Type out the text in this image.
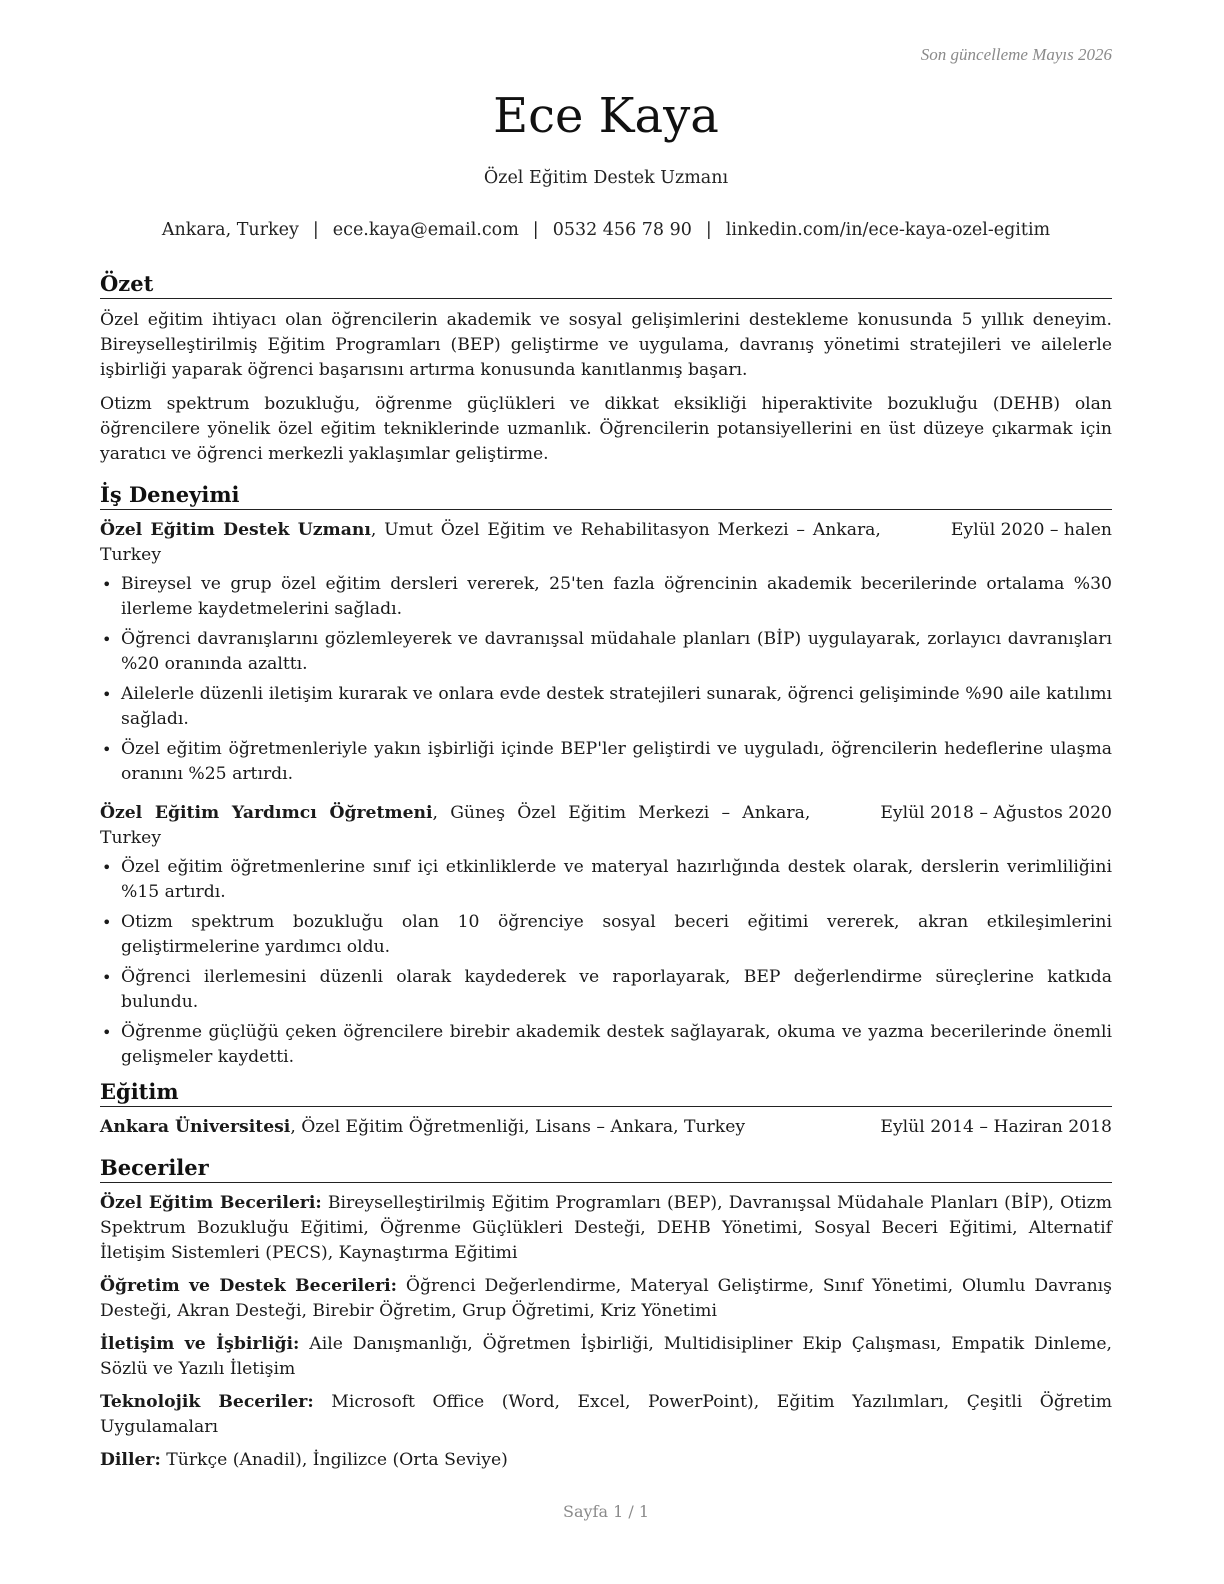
Son güncelleme Mayıs 2026
Ece Kaya
Özel Eğitim Destek Uzmanı
Ankara, Turkey | ece.kaya@email.com | 0532 456 78 90 | linkedin.com/in/ece-kaya-ozel-egitim
Özet

Özel eğitim ihtiyacı olan öğrencilerin akademik ve sosyal gelişimlerini destekleme konusunda 5 yıllık deneyim. Bireyselleştirilmiş Eğitim Programları (BEP) geliştirme ve uygulama, davranış yönetimi stratejileri ve ailelerle işbirliği yaparak öğrenci başarısını artırma konusunda kanıtlanmış başarı.

Otizm spektrum bozukluğu, öğrenme güçlükleri ve dikkat eksikliği hiperaktivite bozukluğu (DEHB) olan öğrencilere yönelik özel eğitim tekniklerinde uzmanlık. Öğrencilerin potansiyellerini en üst düzeye çıkarmak için yaratıcı ve öğrenci merkezli yaklaşımlar geliştirme.

İş Deneyimi
Özel Eğitim Destek Uzmanı, Umut Özel Eğitim ve Rehabilitasyon Merkezi – Ankara, Turkey
Eylül 2020 – halen
• Bireysel ve grup özel eğitim dersleri vererek, 25'ten fazla öğrencinin akademik becerilerinde ortalama %30 ilerleme kaydetmelerini sağladı.
• Öğrenci davranışlarını gözlemleyerek ve davranışsal müdahale planları (BİP) uygulayarak, zorlayıcı davranışları %20 oranında azalttı.
• Ailelerle düzenli iletişim kurarak ve onlara evde destek stratejileri sunarak, öğrenci gelişiminde %90 aile katılımı sağladı.
• Özel eğitim öğretmenleriyle yakın işbirliği içinde BEP'ler geliştirdi ve uyguladı, öğrencilerin hedeflerine ulaşma oranını %25 artırdı.
Özel Eğitim Yardımcı Öğretmeni, Güneş Özel Eğitim Merkezi – Ankara, Turkey
Eylül 2018 – Ağustos 2020
• Özel eğitim öğretmenlerine sınıf içi etkinliklerde ve materyal hazırlığında destek olarak, derslerin verimliliğini %15 artırdı.
• Otizm spektrum bozukluğu olan 10 öğrenciye sosyal beceri eğitimi vererek, akran etkileşimlerini geliştirmelerine yardımcı oldu.
• Öğrenci ilerlemesini düzenli olarak kaydederek ve raporlayarak, BEP değerlendirme süreçlerine katkıda bulundu.
• Öğrenme güçlüğü çeken öğrencilere birebir akademik destek sağlayarak, okuma ve yazma becerilerinde önemli gelişmeler kaydetti.
Eğitim
Ankara Üniversitesi, Özel Eğitim Öğretmenliği, Lisans – Ankara, Turkey	Eylül 2014 – Haziran 2018
Beceriler

Özel Eğitim Becerileri: Bireyselleştirilmiş Eğitim Programları (BEP), Davranışsal Müdahale Planları (BİP), Otizm Spektrum Bozukluğu Eğitimi, Öğrenme Güçlükleri Desteği, DEHB Yönetimi, Sosyal Beceri Eğitimi, Alternatif İletişim Sistemleri (PECS), Kaynaştırma Eğitimi

Öğretim ve Destek Becerileri: Öğrenci Değerlendirme, Materyal Geliştirme, Sınıf Yönetimi, Olumlu Davranış Desteği, Akran Desteği, Birebir Öğretim, Grup Öğretimi, Kriz Yönetimi

İletişim ve İşbirliği: Aile Danışmanlığı, Öğretmen İşbirliği, Multidisipliner Ekip Çalışması, Empatik Dinleme, Sözlü ve Yazılı İletişim

Teknolojik Beceriler: Microsoft Office (Word, Excel, PowerPoint), Eğitim Yazılımları, Çeşitli Öğretim Uygulamaları

Diller: Türkçe (Anadil), İngilizce (Orta Seviye)

Sayfa 1 / 1
